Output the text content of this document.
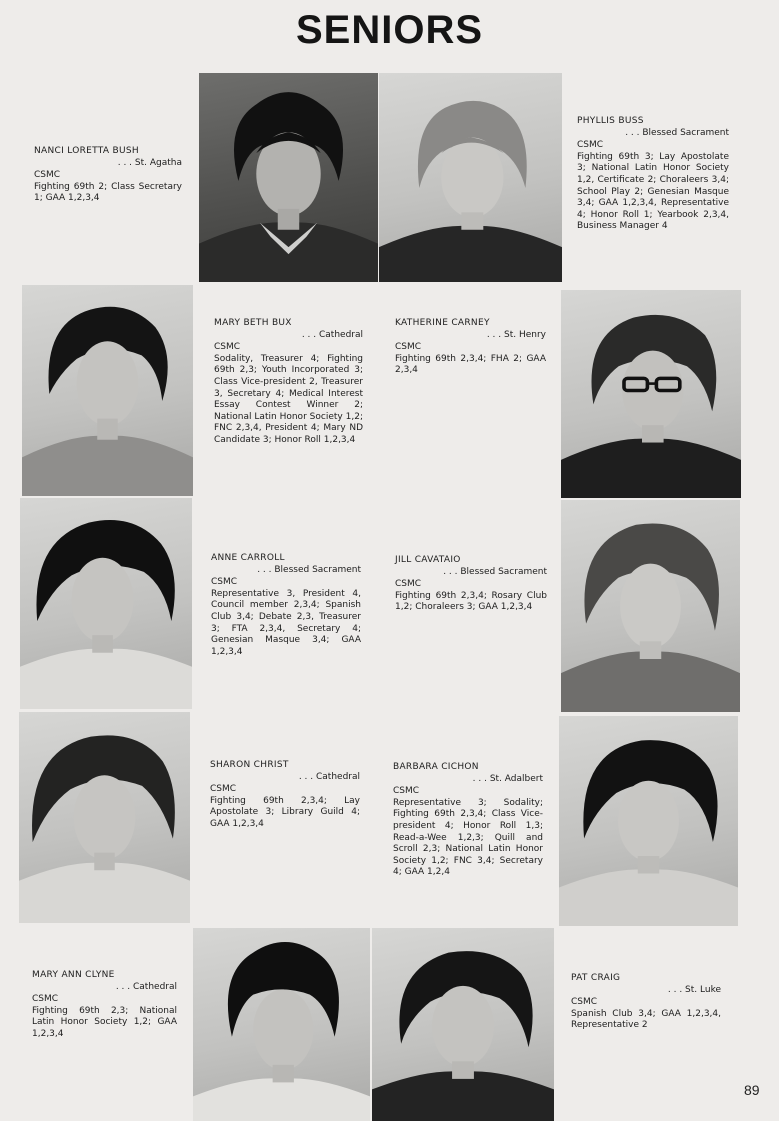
SENIORS
NANCI LORETTA BUSH
. . . St. Agatha
CSMC
Fighting 69th 2; Class Secretary 1; GAA 1,2,3,4
PHYLLIS BUSS
. . . Blessed Sacrament
CSMC
Fighting 69th 3; Lay Apostolate 3; National Latin Honor Society 1,2, Certificate 2; Choraleers 3,4; School Play 2; Genesian Masque 3,4; GAA 1,2,3,4, Representative 4; Honor Roll 1; Yearbook 2,3,4, Business Manager 4
MARY BETH BUX
. . . Cathedral
CSMC
Sodality, Treasurer 4; Fighting 69th 2,3; Youth Incorporated 3; Class Vice-president 2, Treasurer 3, Secretary 4; Medical Interest Essay Contest Winner 2; National Latin Honor Society 1,2; FNC 2,3,4, President 4; Mary ND Candidate 3; Honor Roll 1,2,3,4
KATHERINE CARNEY
. . . St. Henry
CSMC
Fighting 69th 2,3,4; FHA 2; GAA 2,3,4
ANNE CARROLL
. . . Blessed Sacrament
CSMC
Representative 3, President 4, Council member 2,3,4; Spanish Club 3,4; Debate 2,3, Treasurer 3; FTA 2,3,4, Secretary 4; Genesian Masque 3,4; GAA 1,2,3,4
JILL CAVATAIO
. . . Blessed Sacrament
CSMC
Fighting 69th 2,3,4; Rosary Club 1,2; Choraleers 3; GAA 1,2,3,4
SHARON CHRIST
. . . Cathedral
CSMC
Fighting 69th 2,3,4; Lay Apostolate 3; Library Guild 4; GAA 1,2,3,4
BARBARA CICHON
. . . St. Adalbert
CSMC
Representative 3; Sodality; Fighting 69th 2,3,4; Class Vice-president 4; Honor Roll 1,3; Read-a-Wee 1,2,3; Quill and Scroll 2,3; National Latin Honor Society 1,2; FNC 3,4; Secretary 4; GAA 1,2,4
MARY ANN CLYNE
. . . Cathedral
CSMC
Fighting 69th 2,3; National Latin Honor Society 1,2; GAA 1,2,3,4
PAT CRAIG
. . . St. Luke
CSMC
Spanish Club 3,4; GAA 1,2,3,4, Representative 2
89
